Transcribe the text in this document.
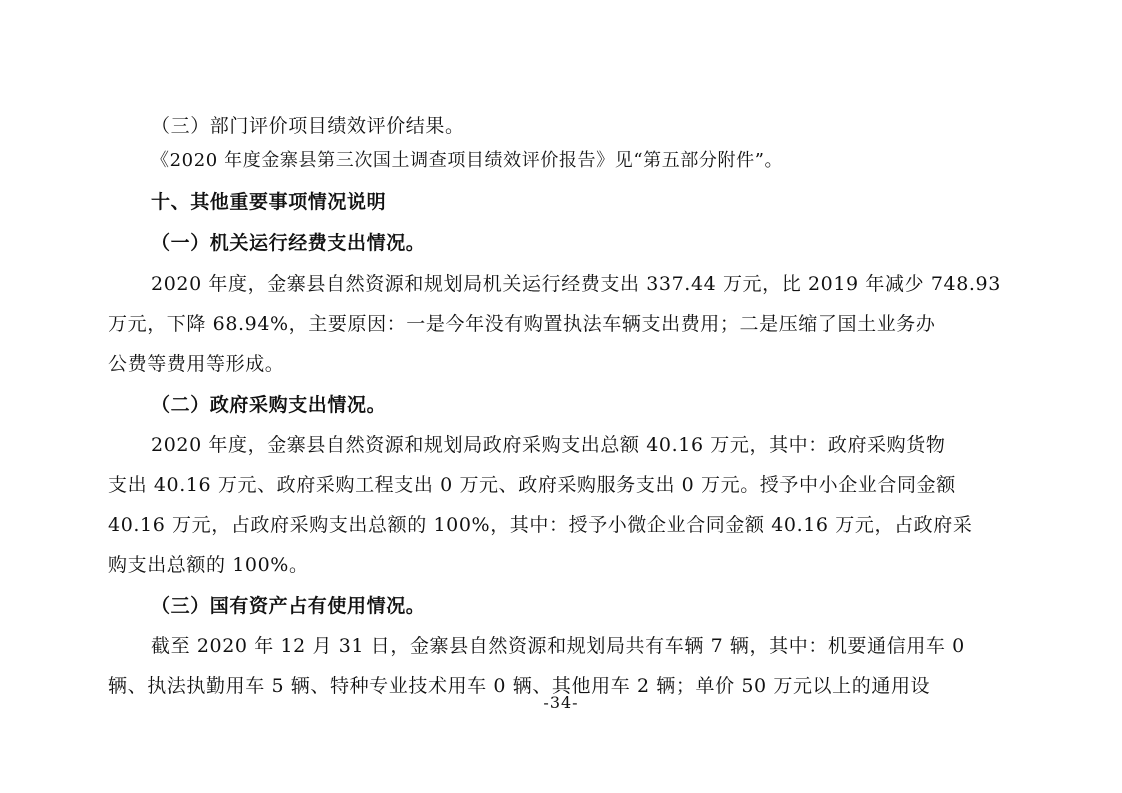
（三）部门评价项目绩效评价结果。
《2020 年度金寨县第三次国土调查项目绩效评价报告》见“第五部分附件”。
十、其他重要事项情况说明
（一）机关运行经费支出情况。
2020 年度，金寨县自然资源和规划局机关运行经费支出 337.44 万元，比 2019 年减少 748.93
万元，下降 68.94%，主要原因：一是今年没有购置执法车辆支出费用；二是压缩了国土业务办
公费等费用等形成。
（二）政府采购支出情况。
2020 年度，金寨县自然资源和规划局政府采购支出总额 40.16 万元，其中：政府采购货物
支出 40.16 万元、政府采购工程支出 0 万元、政府采购服务支出 0 万元。授予中小企业合同金额
40.16 万元，占政府采购支出总额的 100%，其中：授予小微企业合同金额 40.16 万元，占政府采
购支出总额的 100%。
（三）国有资产占有使用情况。
截至 2020 年 12 月 31 日，金寨县自然资源和规划局共有车辆 7 辆，其中：机要通信用车 0
辆、执法执勤用车 5 辆、特种专业技术用车 0 辆、其他用车 2 辆；单价 50 万元以上的通用设
-34-
